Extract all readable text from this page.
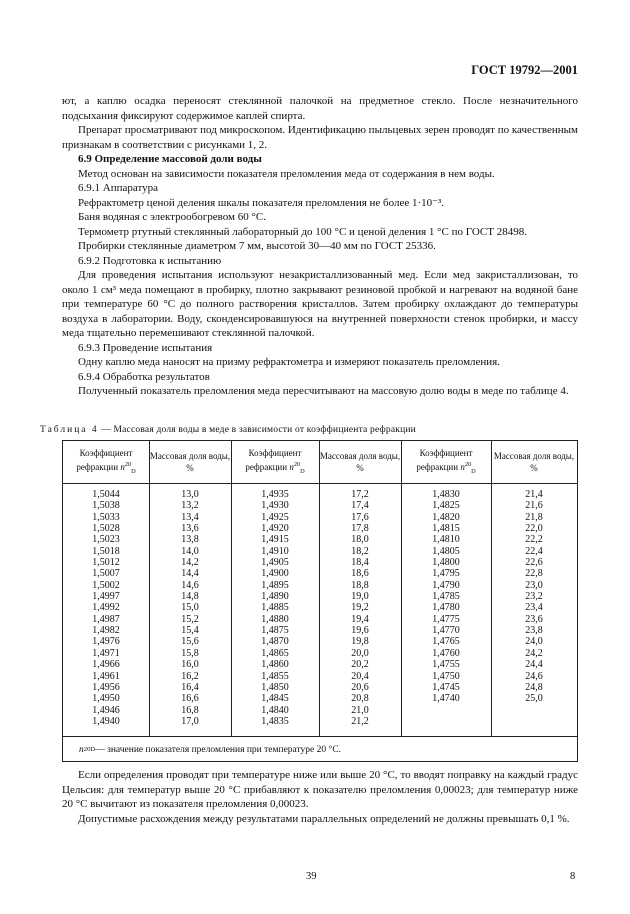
ГОСТ 19792—2001

ют, а каплю осадка переносят стеклянной палочкой на предметное стекло. После незначительного подсыхания фиксируют содержимое каплей спирта.

Препарат просматривают под микроскопом. Идентификацию пыльцевых зерен проводят по качественным признакам в соответствии с рисунками 1, 2.

6.9 Определение массовой доли воды

Метод основан на зависимости показателя преломления меда от содержания в нем воды.

6.9.1 Аппаратура

Рефрактометр ценой деления шкалы показателя преломления не более 1·10⁻³.

Баня водяная с электрообогревом 60 °С.

Термометр ртутный стеклянный лабораторный до 100 °С и ценой деления 1 °С по ГОСТ 28498.

Пробирки стеклянные диаметром 7 мм, высотой 30—40 мм по ГОСТ 25336.

6.9.2 Подготовка к испытанию

Для проведения испытания используют незакристаллизованный мед. Если мед закристаллизован, то около 1 см³ меда помещают в пробирку, плотно закрывают резиновой пробкой и нагревают на водяной бане при температуре 60 °С до полного растворения кристаллов. Затем пробирку охлаждают до температуры воздуха в лаборатории. Воду, сконденсировавшуюся на внутренней поверхности стенок пробирки, и массу меда тщательно перемешивают стеклянной палочкой.

6.9.3 Проведение испытания

Одну каплю меда наносят на призму рефрактометра и измеряют показатель преломления.

6.9.4 Обработка результатов

Полученный показатель преломления меда пересчитывают на массовую долю воды в меде по таблице 4.

Таблица 4 — Массовая доля воды в меде в зависимости от коэффициента рефракции
Коэффициент рефракции $n^{20}_D$
Массовая доля воды, %
Коэффициент рефракции $n^{20}_D$
Массовая доля воды, %
Коэффициент рефракции $n^{20}_D$
Массовая доля воды, %
1,5044
1,5038
1,5033
1,5028
1,5023
1,5018
1,5012
1,5007
1,5002
1,4997
1,4992
1,4987
1,4982
1,4976
1,4971
1,4966
1,4961
1,4956
1,4950
1,4946
1,4940
13,0
13,2
13,4
13,6
13,8
14,0
14,2
14,4
14,6
14,8
15,0
15,2
15,4
15,6
15,8
16,0
16,2
16,4
16,6
16,8
17,0
1,4935
1,4930
1,4925
1,4920
1,4915
1,4910
1,4905
1,4900
1,4895
1,4890
1,4885
1,4880
1,4875
1,4870
1,4865
1,4860
1,4855
1,4850
1,4845
1,4840
1,4835
17,2
17,4
17,6
17,8
18,0
18,2
18,4
18,6
18,8
19,0
19,2
19,4
19,6
19,8
20,0
20,2
20,4
20,6
20,8
21,0
21,2
1,4830
1,4825
1,4820
1,4815
1,4810
1,4805
1,4800
1,4795
1,4790
1,4785
1,4780
1,4775
1,4770
1,4765
1,4760
1,4755
1,4750
1,4745
1,4740
21,4
21,6
21,8
22,0
22,2
22,4
22,6
22,8
23,0
23,2
23,4
23,6
23,8
24,0
24,2
24,4
24,6
24,8
25,0
n 20 D — значение показателя преломления при температуре 20 °С.

Если определения проводят при температуре ниже или выше 20 °С, то вводят поправку на каждый градус Цельсия: для температур выше 20 °С прибавляют к показателю преломления 0,00023; для температур ниже 20 °С вычитают из показателя преломления 0,00023.

Допустимые расхождения между результатами параллельных определений не должны превышать 0,1 %.

39	8
